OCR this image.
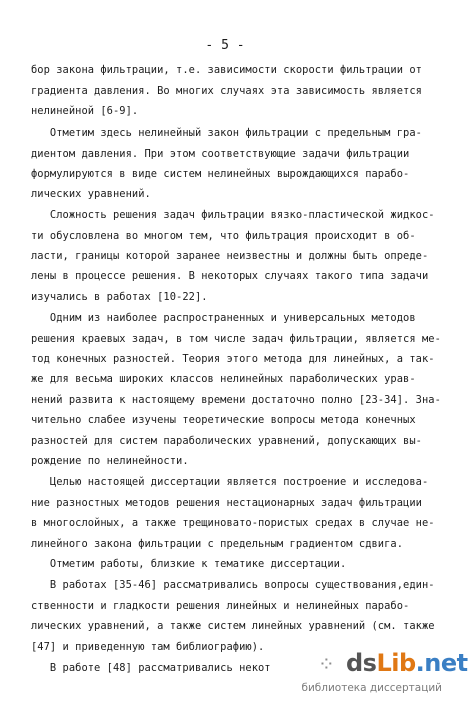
- 5 -
бор закона фильтрации, т.е. зависимости скорости фильтрации от
градиента давления. Во многих случаях эта зависимость является
нелинейной [6-9].
Отметим здесь нелинейный закон фильтрации с предельным гра-
диентом давления. При этом соответствующие задачи фильтрации
формулируются в виде систем нелинейных вырождающихся парабо-
лических уравнений.
Сложность решения задач фильтрации вязко-пластической жидкос-
ти обусловлена во многом тем, что фильтрация происходит в об-
ласти, границы которой заранее неизвестны и должны быть опреде-
лены в процессе решения. В некоторых случаях такого типа задачи
изучались в работах [10-22].
Одним из наиболее распространенных и универсальных методов
решения краевых задач, в том числе задач фильтрации, является ме-
тод конечных разностей. Теория этого метода для линейных, а так-
же для весьма широких классов нелинейных параболических урав-
нений развита к настоящему времени достаточно полно [23-34]. Зна-
чительно слабее изучены теоретические вопросы метода конечных
разностей для систем параболических уравнений, допускающих вы-
рождение по нелинейности.
Целью настоящей диссертации является построение и исследова-
ние разностных методов решения нестационарных задач фильтрации
в многослойных, а также трещиновато-пористых средах в случае не-
линейного закона фильтрации с предельным градиентом сдвига.
Отметим работы, близкие к тематике диссертации.
В работах [35-46] рассматривались вопросы существования,един-
ственности и гладкости решения линейных и нелинейных парабо-
лических уравнений, а также систем линейных уравнений (см. также
[47] и приведенную там библиографию).
В работе [48] рассматривались некот	⁘ dsLib.net
библиотека диссертаций
